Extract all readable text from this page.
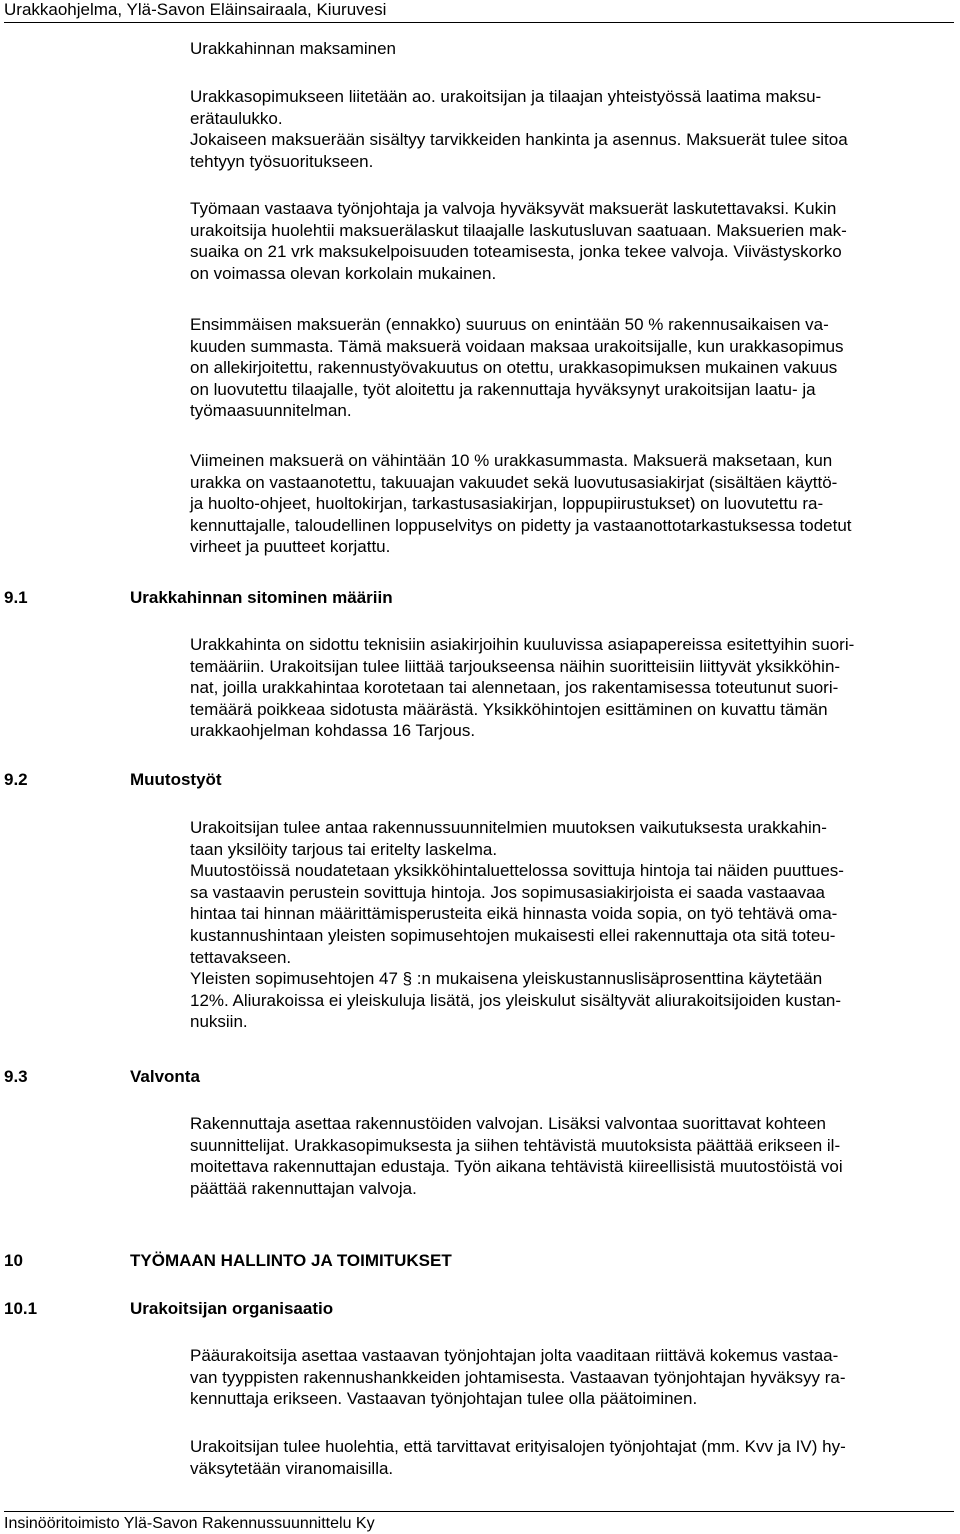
Urakkaohjelma, Ylä-Savon Eläinsairaala, Kiuruvesi
Urakkahinnan maksaminen
Urakkasopimukseen liitetään ao. urakoitsijan ja tilaajan yhteistyössä laatima maksu-
erätaulukko.
Jokaiseen maksuerään sisältyy tarvikkeiden hankinta ja asennus. Maksuerät tulee sitoa
tehtyyn työsuoritukseen.
Työmaan vastaava työnjohtaja ja valvoja hyväksyvät maksuerät laskutettavaksi. Kukin
urakoitsija huolehtii maksuerälaskut tilaajalle laskutusluvan saatuaan. Maksuerien mak-
suaika on 21 vrk maksukelpoisuuden toteamisesta, jonka tekee valvoja. Viivästyskorko
on voimassa olevan korkolain mukainen.
Ensimmäisen maksuerän (ennakko) suuruus on enintään 50 % rakennusaikaisen va-
kuuden summasta. Tämä maksuerä voidaan maksaa urakoitsijalle, kun urakkasopimus
on allekirjoitettu, rakennustyövakuutus on otettu, urakkasopimuksen mukainen vakuus
on luovutettu tilaajalle, työt aloitettu ja rakennuttaja hyväksynyt urakoitsijan laatu- ja
työmaasuunnitelman.
Viimeinen maksuerä on vähintään 10 % urakkasummasta. Maksuerä maksetaan, kun
urakka on vastaanotettu, takuuajan vakuudet sekä luovutusasiakirjat (sisältäen käyttö-
ja huolto-ohjeet, huoltokirjan, tarkastusasiakirjan, loppupiirustukset) on luovutettu ra-
kennuttajalle, taloudellinen loppuselvitys on pidetty ja vastaanottotarkastuksessa todetut
virheet ja puutteet korjattu.
9.1	Urakkahinnan sitominen määriin
Urakkahinta on sidottu teknisiin asiakirjoihin kuuluvissa asiapapereissa esitettyihin suori-
temääriin. Urakoitsijan tulee liittää tarjoukseensa näihin suoritteisiin liittyvät yksikköhin-
nat, joilla urakkahintaa korotetaan tai alennetaan, jos rakentamisessa toteutunut suori-
temäärä poikkeaa sidotusta määrästä. Yksikköhintojen esittäminen on kuvattu tämän
urakkaohjelman kohdassa 16 Tarjous.
9.2	Muutostyöt
Urakoitsijan tulee antaa rakennussuunnitelmien muutoksen vaikutuksesta urakkahin-
taan yksilöity tarjous tai eritelty laskelma.
Muutostöissä noudatetaan yksikköhintaluettelossa sovittuja hintoja tai näiden puuttues-
sa vastaavin perustein sovittuja hintoja. Jos sopimusasiakirjoista ei saada vastaavaa
hintaa tai hinnan määrittämisperusteita eikä hinnasta voida sopia, on työ tehtävä oma-
kustannushintaan yleisten sopimusehtojen mukaisesti ellei rakennuttaja ota sitä toteu-
tettavakseen.
Yleisten sopimusehtojen 47 § :n mukaisena yleiskustannuslisäprosenttina käytetään
12%. Aliurakoissa ei yleiskuluja lisätä, jos yleiskulut sisältyvät aliurakoitsijoiden kustan-
nuksiin.
9.3	Valvonta
Rakennuttaja asettaa rakennustöiden valvojan. Lisäksi valvontaa suorittavat kohteen
suunnittelijat. Urakkasopimuksesta ja siihen tehtävistä muutoksista päättää erikseen il-
moitettava rakennuttajan edustaja. Työn aikana tehtävistä kiireellisistä muutostöistä voi
päättää rakennuttajan valvoja.
10	TYÖMAAN HALLINTO JA TOIMITUKSET
10.1	Urakoitsijan organisaatio
Pääurakoitsija asettaa vastaavan työnjohtajan jolta vaaditaan riittävä kokemus vastaa-
van tyyppisten rakennushankkeiden johtamisesta. Vastaavan työnjohtajan hyväksyy ra-
kennuttaja erikseen. Vastaavan työnjohtajan tulee olla päätoiminen.
Urakoitsijan tulee huolehtia, että tarvittavat erityisalojen työnjohtajat (mm. Kvv ja IV) hy-
väksytetään viranomaisilla.
Insinööritoimisto Ylä-Savon Rakennussuunnittelu Ky
